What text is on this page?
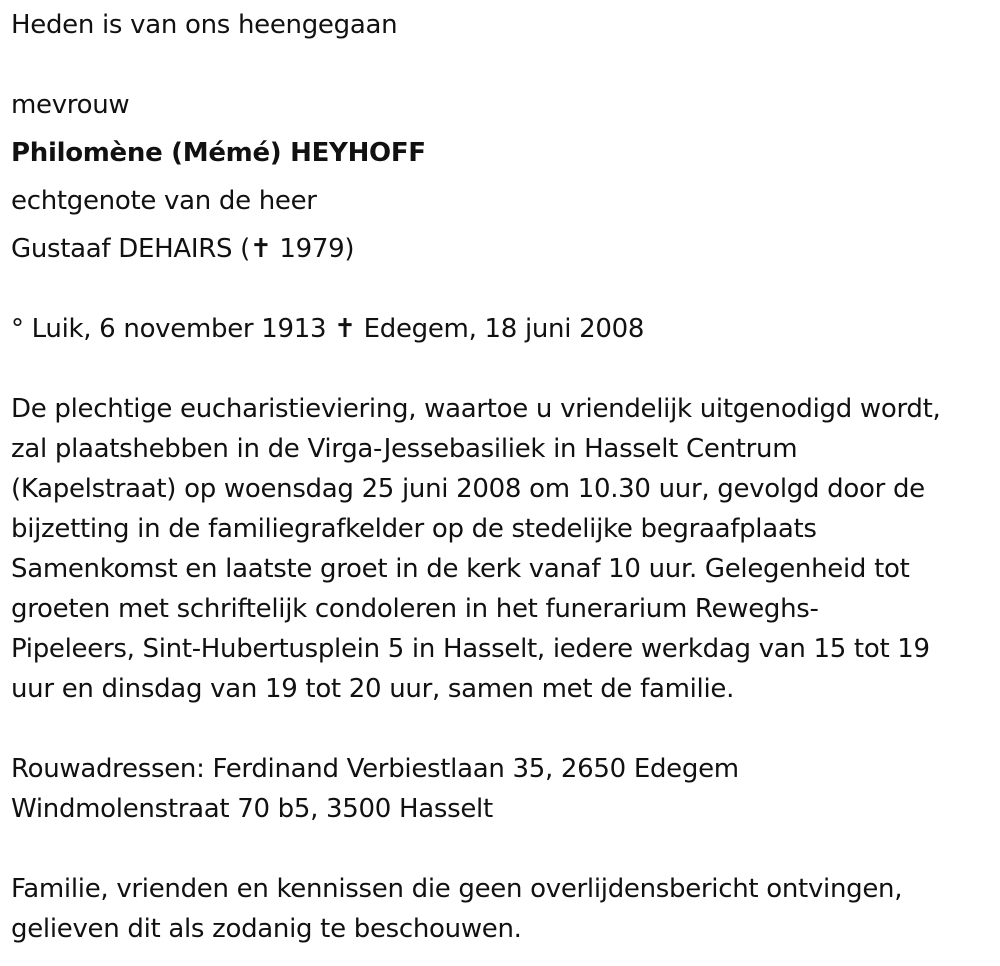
Heden is van ons heengegaan
mevrouw
Philomène (Mémé) HEYHOFF
echtgenote van de heer
Gustaaf DEHAIRS (✝ 1979)
° Luik, 6 november 1913 ✝ Edegem, 18 juni 2008
De plechtige eucharistieviering, waartoe u vriendelijk uitgenodigd wordt,
zal plaatshebben in de Virga-Jessebasiliek in Hasselt Centrum
(Kapelstraat) op woensdag 25 juni 2008 om 10.30 uur, gevolgd door de
bijzetting in de familiegrafkelder op de stedelijke begraafplaats
Samenkomst en laatste groet in de kerk vanaf 10 uur. Gelegenheid tot
groeten met schriftelijk condoleren in het funerarium Reweghs-
Pipeleers, Sint-Hubertusplein 5 in Hasselt, iedere werkdag van 15 tot 19
uur en dinsdag van 19 tot 20 uur, samen met de familie.
Rouwadressen: Ferdinand Verbiestlaan 35, 2650 Edegem
Windmolenstraat 70 b5, 3500 Hasselt
Familie, vrienden en kennissen die geen overlijdensbericht ontvingen,
gelieven dit als zodanig te beschouwen.
